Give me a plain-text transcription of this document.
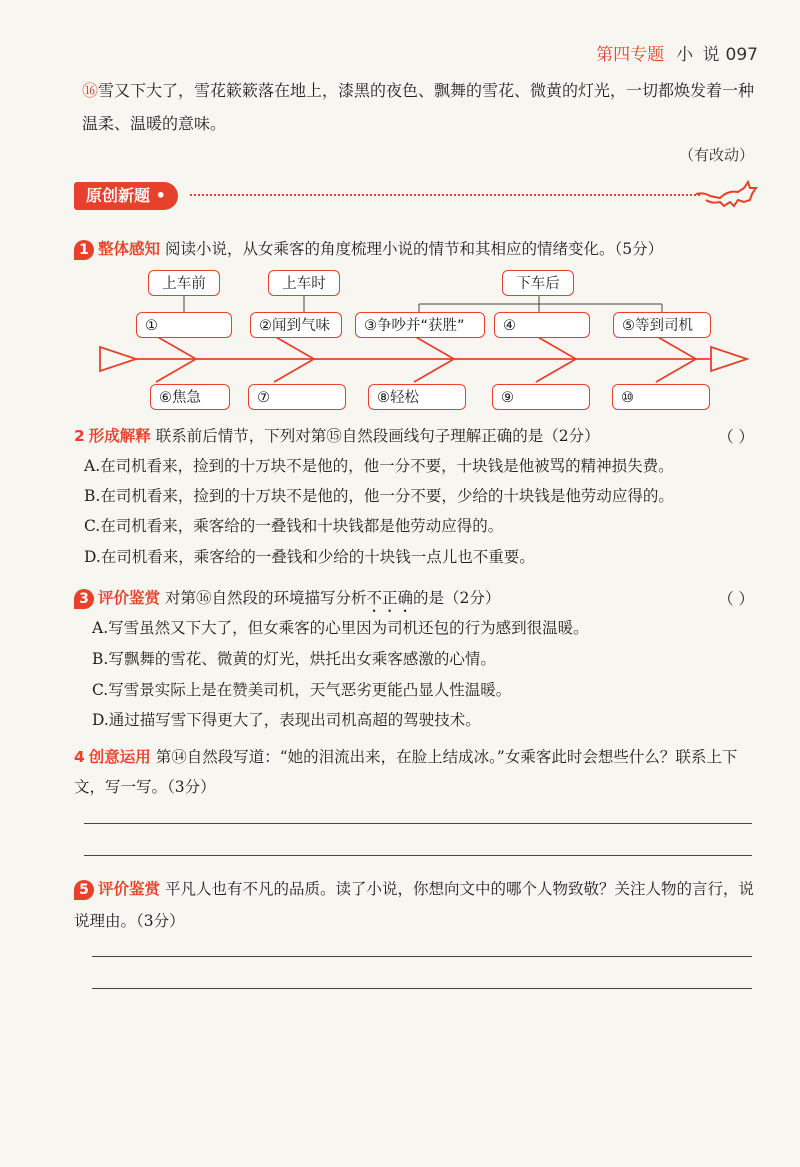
第四专题 小 说 097
⑯雪又下大了，雪花簌簌落在地上，漆黑的夜色、飘舞的雪花、微黄的灯光，一切都焕发着一种温柔、温暖的意味。
（有改动）
原创新题 •
1 整体感知 阅读小说，从女乘客的角度梳理小说的情节和其相应的情绪变化。（5分）
上车前	上车时	下车后
①	②闻到气味	③争吵并“获胜”	④	⑤等到司机
⑥焦急	⑦	⑧轻松	⑨	⑩
2 形成解释 联系前后情节，下列对第⑮自然段画线句子理解正确的是（2分）	（ ）
A.在司机看来，捡到的十万块不是他的，他一分不要，十块钱是他被骂的精神损失费。
B.在司机看来，捡到的十万块不是他的，他一分不要，少给的十块钱是他劳动应得的。
C.在司机看来，乘客给的一叠钱和十块钱都是他劳动应得的。
D.在司机看来，乘客给的一叠钱和少给的十块钱一点儿也不重要。
3 评价鉴赏 对第⑯自然段的环境描写分析不正确的是（2分）	（ ）
A.写雪虽然又下大了，但女乘客的心里因为司机还包的行为感到很温暖。
B.写飘舞的雪花、微黄的灯光，烘托出女乘客感激的心情。
C.写雪景实际上是在赞美司机，天气恶劣更能凸显人性温暖。
D.通过描写雪下得更大了，表现出司机高超的驾驶技术。
4 创意运用 第⑭自然段写道：“她的泪流出来，在脸上结成冰。”女乘客此时会想些什么？联系上下文，写一写。（3分）
5 评价鉴赏 平凡人也有不凡的品质。读了小说，你想向文中的哪个人物致敬？关注人物的言行，说说理由。（3分）
